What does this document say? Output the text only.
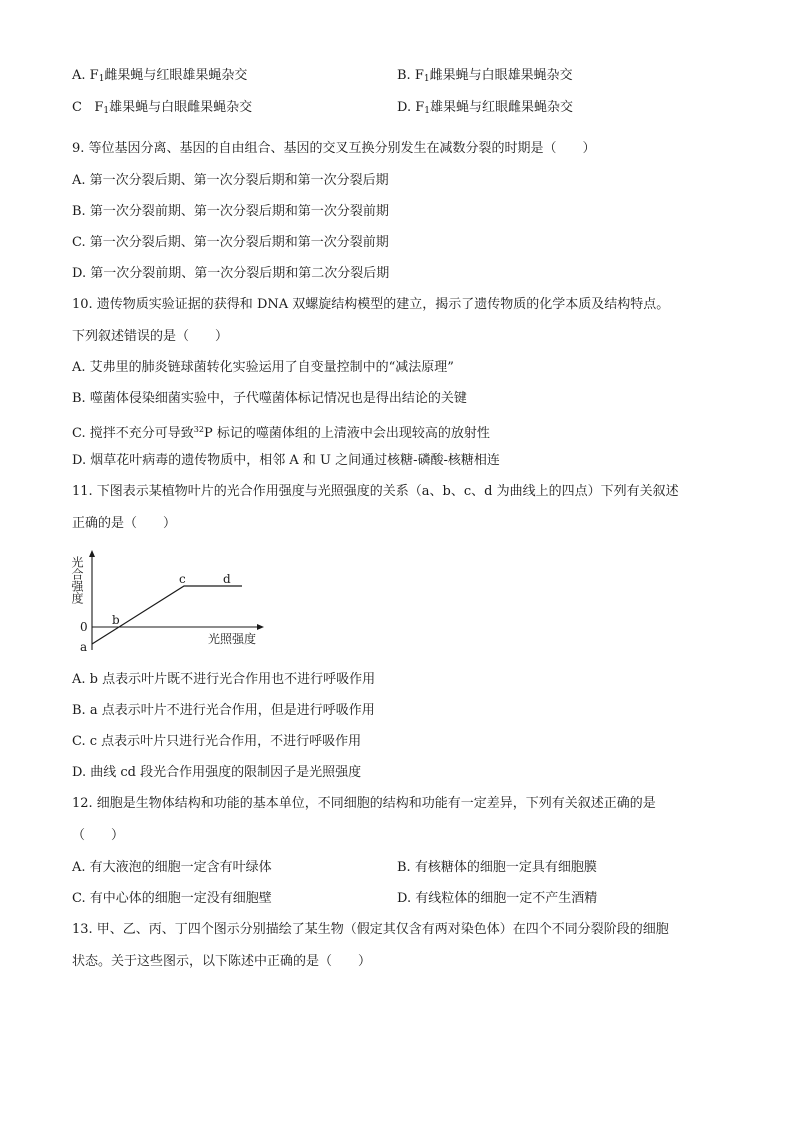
A. $F_1$雌果蝇与红眼雄果蝇杂交	B. $F_1$雌果蝇与白眼雄果蝇杂交
C   $F_1$雄果蝇与白眼雌果蝇杂交	D. $F_1$雄果蝇与红眼雌果蝇杂交
9. 等位基因分离、基因的自由组合、基因的交叉互换分别发生在减数分裂的时期是（　　）
A. 第一次分裂后期、第一次分裂后期和第一次分裂后期
B. 第一次分裂前期、第一次分裂后期和第一次分裂前期
C. 第一次分裂后期、第一次分裂后期和第一次分裂前期
D. 第一次分裂前期、第一次分裂后期和第二次分裂后期
10. 遗传物质实验证据的获得和 DNA 双螺旋结构模型的建立，揭示了遗传物质的化学本质及结构特点。
下列叙述错误的是（　　）
A. 艾弗里的肺炎链球菌转化实验运用了自变量控制中的“减法原理”
B. 噬菌体侵染细菌实验中，子代噬菌体标记情况也是得出结论的关键
C. 搅拌不充分可导致$^{32}$P 标记的噬菌体组的上清液中会出现较高的放射性
D. 烟草花叶病毒的遗传物质中，相邻 A 和 U 之间通过核糖-磷酸-核糖相连
11. 下图表示某植物叶片的光合作用强度与光照强度的关系（a、b、c、d 为曲线上的四点）下列有关叙述
正确的是（　　）
光合强度
光照强度
0
a
b
c	d
A. b 点表示叶片既不进行光合作用也不进行呼吸作用
B. a 点表示叶片不进行光合作用，但是进行呼吸作用
C. c 点表示叶片只进行光合作用，不进行呼吸作用
D. 曲线 cd 段光合作用强度的限制因子是光照强度
12. 细胞是生物体结构和功能的基本单位，不同细胞的结构和功能有一定差异，下列有关叙述正确的是
（　　）
A. 有大液泡的细胞一定含有叶绿体	B. 有核糖体的细胞一定具有细胞膜
C. 有中心体的细胞一定没有细胞壁	D. 有线粒体的细胞一定不产生酒精
13. 甲、乙、丙、丁四个图示分别描绘了某生物（假定其仅含有两对染色体）在四个不同分裂阶段的细胞
状态。关于这些图示，以下陈述中正确的是（　　）
